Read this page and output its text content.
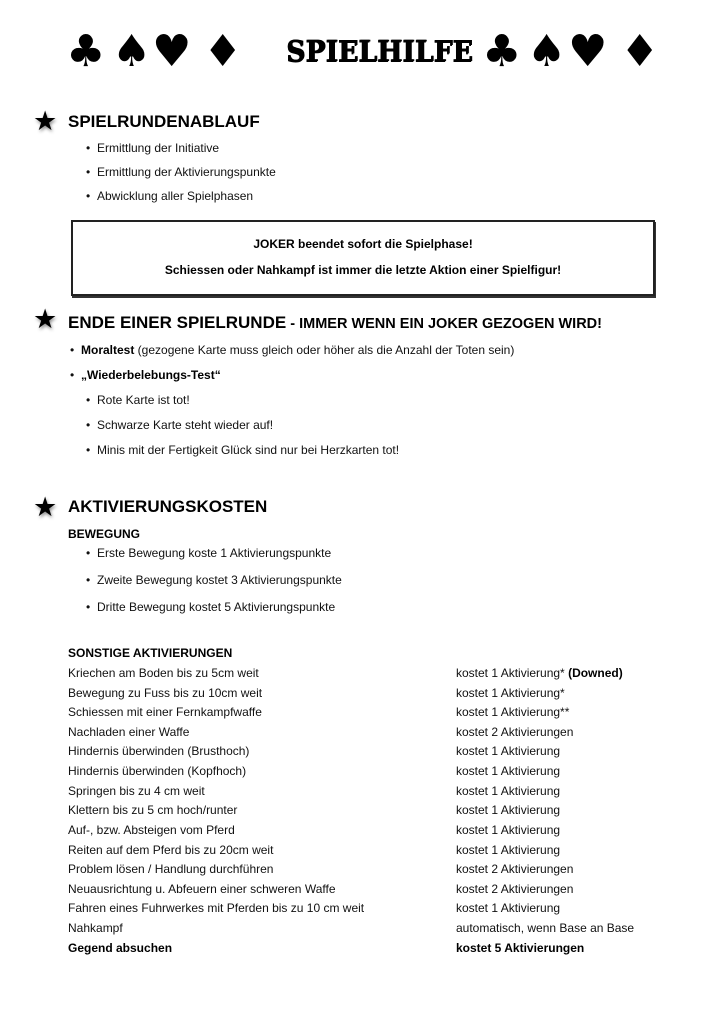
♣ ♠ ♥ ♦ SPIELHILFE ♣ ♠ ♥ ♦
★ SPIELRUNDENABLAUF
• Ermittlung der Initiative
• Ermittlung der Aktivierungspunkte
• Abwicklung aller Spielphasen
JOKER beendet sofort die Spielphase!
Schiessen oder Nahkampf ist immer die letzte Aktion einer Spielfigur!
★ ENDE EINER SPIELRUNDE - IMMER WENN EIN JOKER GEZOGEN WIRD!
• Moraltest (gezogene Karte muss gleich oder höher als die Anzahl der Toten sein)
• „Wiederbelebungs-Test“
• Rote Karte ist tot!
• Schwarze Karte steht wieder auf!
• Minis mit der Fertigkeit Glück sind nur bei Herzkarten tot!
★ AKTIVIERUNGSKOSTEN
BEWEGUNG
• Erste Bewegung koste 1 Aktivierungspunkte
• Zweite Bewegung kostet 3 Aktivierungspunkte
• Dritte Bewegung kostet 5 Aktivierungspunkte
SONSTIGE AKTIVIERUNGEN
Kriechen am Boden bis zu 5cm weit	kostet 1 Aktivierung* (Downed)
Bewegung zu Fuss bis zu 10cm weit	kostet 1 Aktivierung*
Schiessen mit einer Fernkampfwaffe	kostet 1 Aktivierung**
Nachladen einer Waffe	kostet 2 Aktivierungen
Hindernis überwinden (Brusthoch)	kostet 1 Aktivierung
Hindernis überwinden (Kopfhoch)	kostet 1 Aktivierung
Springen bis zu 4 cm weit	kostet 1 Aktivierung
Klettern bis zu 5 cm hoch/runter	kostet 1 Aktivierung
Auf-, bzw. Absteigen vom Pferd	kostet 1 Aktivierung
Reiten auf dem Pferd bis zu 20cm weit	kostet 1 Aktivierung
Problem lösen / Handlung durchführen	kostet 2 Aktivierungen
Neuausrichtung u. Abfeuern einer schweren Waffe	kostet 2 Aktivierungen
Fahren eines Fuhrwerkes mit Pferden bis zu 10 cm weit	kostet 1 Aktivierung
Nahkampf	automatisch, wenn Base an Base
Gegend absuchen	kostet 5 Aktivierungen
